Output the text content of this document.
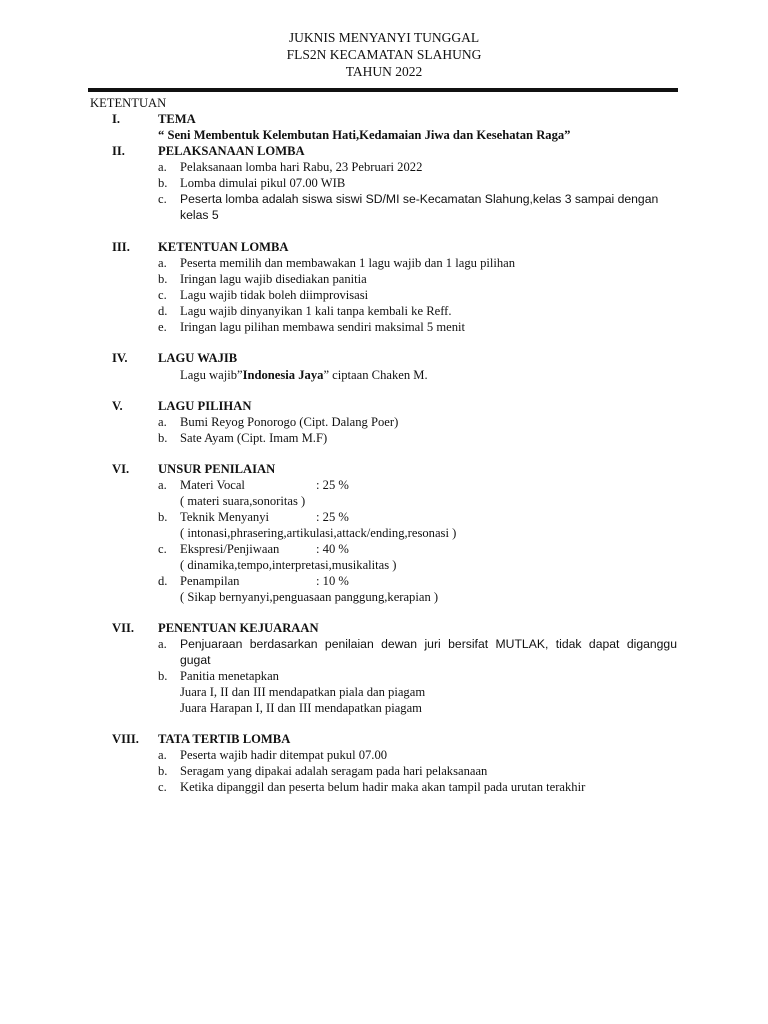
JUKNIS MENYANYI TUNGGAL
FLS2N KECAMATAN SLAHUNG
TAHUN 2022
KETENTUAN
I.	TEMA
“ Seni Membentuk Kelembutan Hati,Kedamaian Jiwa dan Kesehatan Raga”
II.	PELAKSANAAN LOMBA
a. Pelaksanaan lomba hari Rabu, 23 Pebruari 2022
b. Lomba dimulai pikul 07.00 WIB
c. Peserta lomba adalah siswa siswi SD/MI se-Kecamatan Slahung,kelas 3 sampai dengan
kelas 5
III. KETENTUAN LOMBA
a. Peserta memilih dan membawakan 1 lagu wajib dan 1 lagu pilihan
b. Iringan lagu wajib disediakan panitia
c. Lagu wajib tidak boleh diimprovisasi
d. Lagu wajib dinyanyikan 1 kali tanpa kembali ke Reff.
e. Iringan lagu pilihan membawa sendiri maksimal 5 menit
IV. LAGU WAJIB
Lagu wajib”Indonesia Jaya” ciptaan Chaken M.
V.	LAGU PILIHAN
a. Bumi Reyog Ponorogo (Cipt. Dalang Poer)
b. Sate Ayam (Cipt. Imam M.F)
VI. UNSUR PENILAIAN
a. Materi Vocal	: 25 %
( materi suara,sonoritas )
b. Teknik Menyanyi	: 25 %
( intonasi,phrasering,artikulasi,attack/ending,resonasi )
c. Ekspresi/Penjiwaan	: 40 %
( dinamika,tempo,interpretasi,musikalitas )
d. Penampilan	: 10 %
( Sikap bernyanyi,penguasaan panggung,kerapian )
VII. PENENTUAN KEJUARAAN
a. Penjuaraan berdasarkan penilaian dewan juri bersifat MUTLAK, tidak dapat diganggu
gugat
b. Panitia menetapkan
Juara I, II dan III mendapatkan piala dan piagam
Juara Harapan I, II dan III mendapatkan piagam
VIII. TATA TERTIB LOMBA
a. Peserta wajib hadir ditempat pukul 07.00
b. Seragam yang dipakai adalah seragam pada hari pelaksanaan
c. Ketika dipanggil dan peserta belum hadir maka akan tampil pada urutan terakhir
